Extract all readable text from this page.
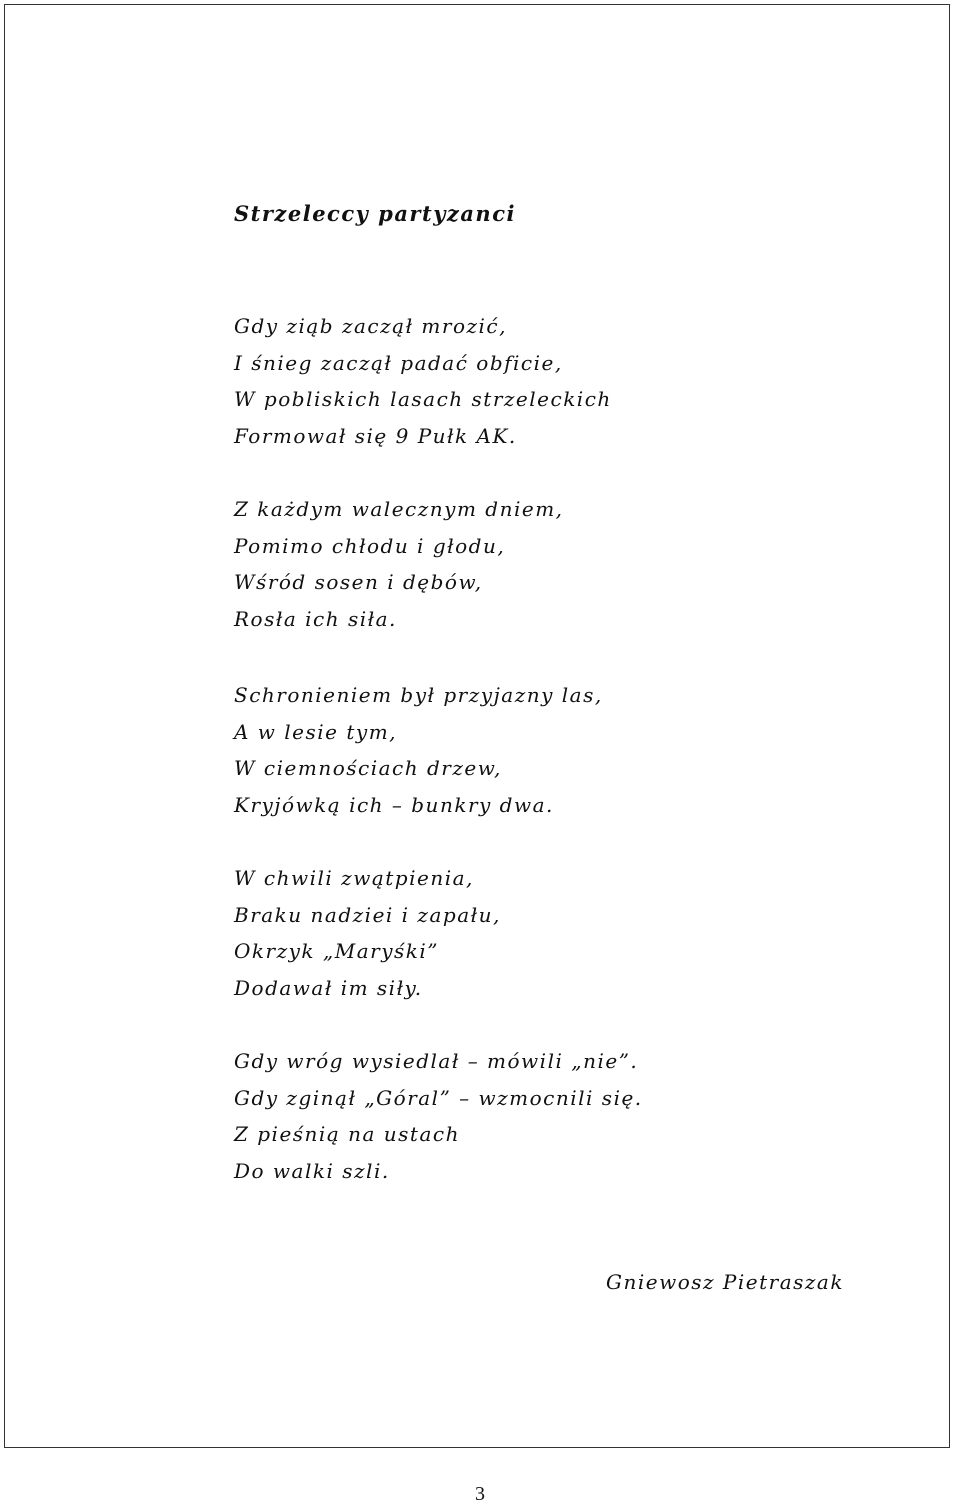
Strzeleccy partyzanci
Gdy ziąb zaczął mrozić,
I śnieg zaczął padać obficie,
W pobliskich lasach strzeleckich
Formował się 9 Pułk AK.
Z każdym walecznym dniem,
Pomimo chłodu i głodu,
Wśród sosen i dębów,
Rosła ich siła.
Schronieniem był przyjazny las,
A w lesie tym,
W ciemnościach drzew,
Kryjówką ich – bunkry dwa.
W chwili zwątpienia,
Braku nadziei i zapału,
Okrzyk „Maryśki”
Dodawał im siły.
Gdy wróg wysiedlał – mówili „nie”.
Gdy zginął „Góral” – wzmocnili się.
Z pieśnią na ustach
Do walki szli.
Gniewosz Pietraszak
3
